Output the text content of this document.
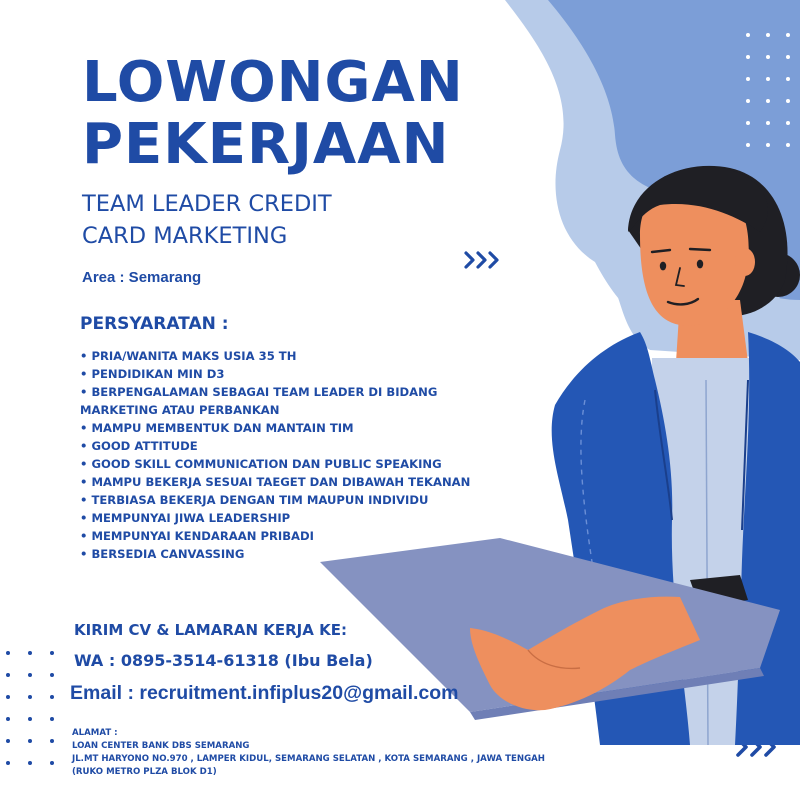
LOWONGAN
PEKERJAAN
TEAM LEADER CREDIT
CARD MARKETING
Area : Semarang
PERSYARATAN :
• PRIA/WANITA MAKS USIA 35 TH
• PENDIDIKAN MIN D3
• BERPENGALAMAN SEBAGAI TEAM LEADER DI BIDANG MARKETING ATAU PERBANKAN
• MAMPU MEMBENTUK DAN MANTAIN TIM
• GOOD ATTITUDE
• GOOD SKILL COMMUNICATION DAN PUBLIC SPEAKING
• MAMPU BEKERJA SESUAI TAEGET DAN DIBAWAH TEKANAN
• TERBIASA BEKERJA DENGAN TIM MAUPUN INDIVIDU
• MEMPUNYAI JIWA LEADERSHIP
• MEMPUNYAI KENDARAAN PRIBADI
• BERSEDIA CANVASSING
KIRIM CV & LAMARAN KERJA KE:
WA : 0895-3514-61318 (Ibu Bela)
Email : recruitment.infiplus20@gmail.com
ALAMAT :
LOAN CENTER BANK DBS SEMARANG
JL.MT HARYONO NO.970 , LAMPER KIDUL, SEMARANG SELATAN , KOTA SEMARANG , JAWA TENGAH
(RUKO METRO PLZA BLOK D1)
